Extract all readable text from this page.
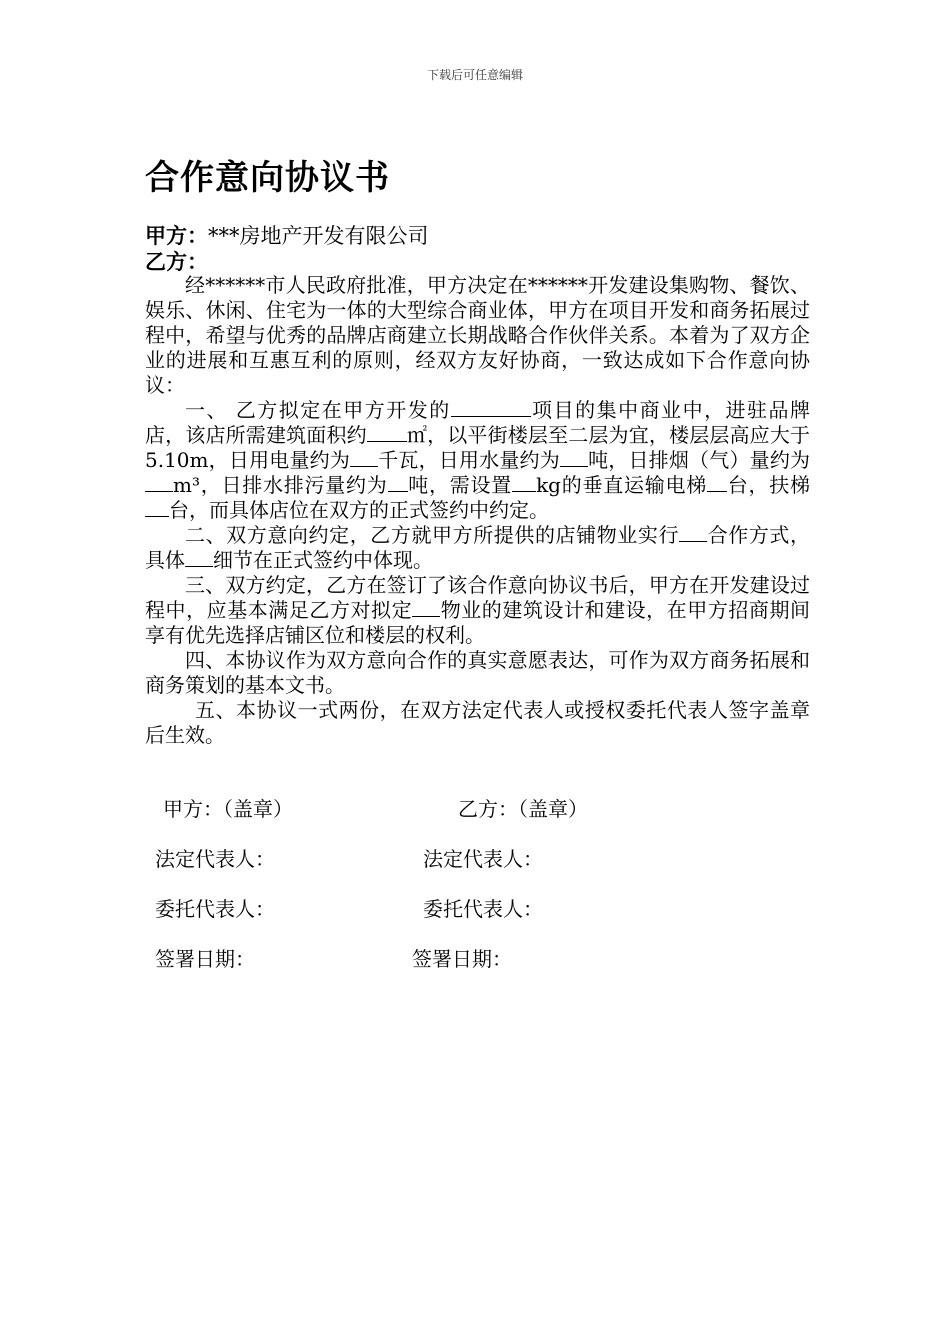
下载后可任意编辑
合作意向协议书
甲方：***房地产开发有限公司
乙方：

经******市人民政府批准，甲方决定在******开发建设集购物、餐饮、娱乐、休闲、住宅为一体的大型综合商业体，甲方在项目开发和商务拓展过程中，希望与优秀的品牌店商建立长期战略合作伙伴关系。本着为了双方企业的进展和互惠互利的原则，经双方友好协商，一致达成如下合作意向协议：

一、 乙方拟定在甲方开发的	项目的集中商业中，进驻品牌店，该店所需建筑面积约 ㎡，以平街楼层至二层为宜，楼层层高应大于5.10m，日用电量约为 千瓦，日用水量约为 吨，日排烟（气）量约为m³，日排水排污量约为 吨，需设置 kg的垂直运输电梯 台，扶梯台，而具体店位在双方的正式签约中约定。

二、双方意向约定，乙方就甲方所提供的店铺物业实行 合作方式，具体 细节在正式签约中体现。

三、双方约定，乙方在签订了该合作意向协议书后，甲方在开发建设过程中，应基本满足乙方对拟定 物业的建筑设计和建设，在甲方招商期间享有优先选择店铺区位和楼层的权利。

四、本协议作为双方意向合作的真实意愿表达，可作为双方商务拓展和商务策划的基本文书。

五、本协议一式两份，在双方法定代表人或授权委托代表人签字盖章后生效。

甲方：（盖章）	乙方：（盖章）
法定代表人：	法定代表人：
委托代表人：	委托代表人：
签署日期：	签署日期：
